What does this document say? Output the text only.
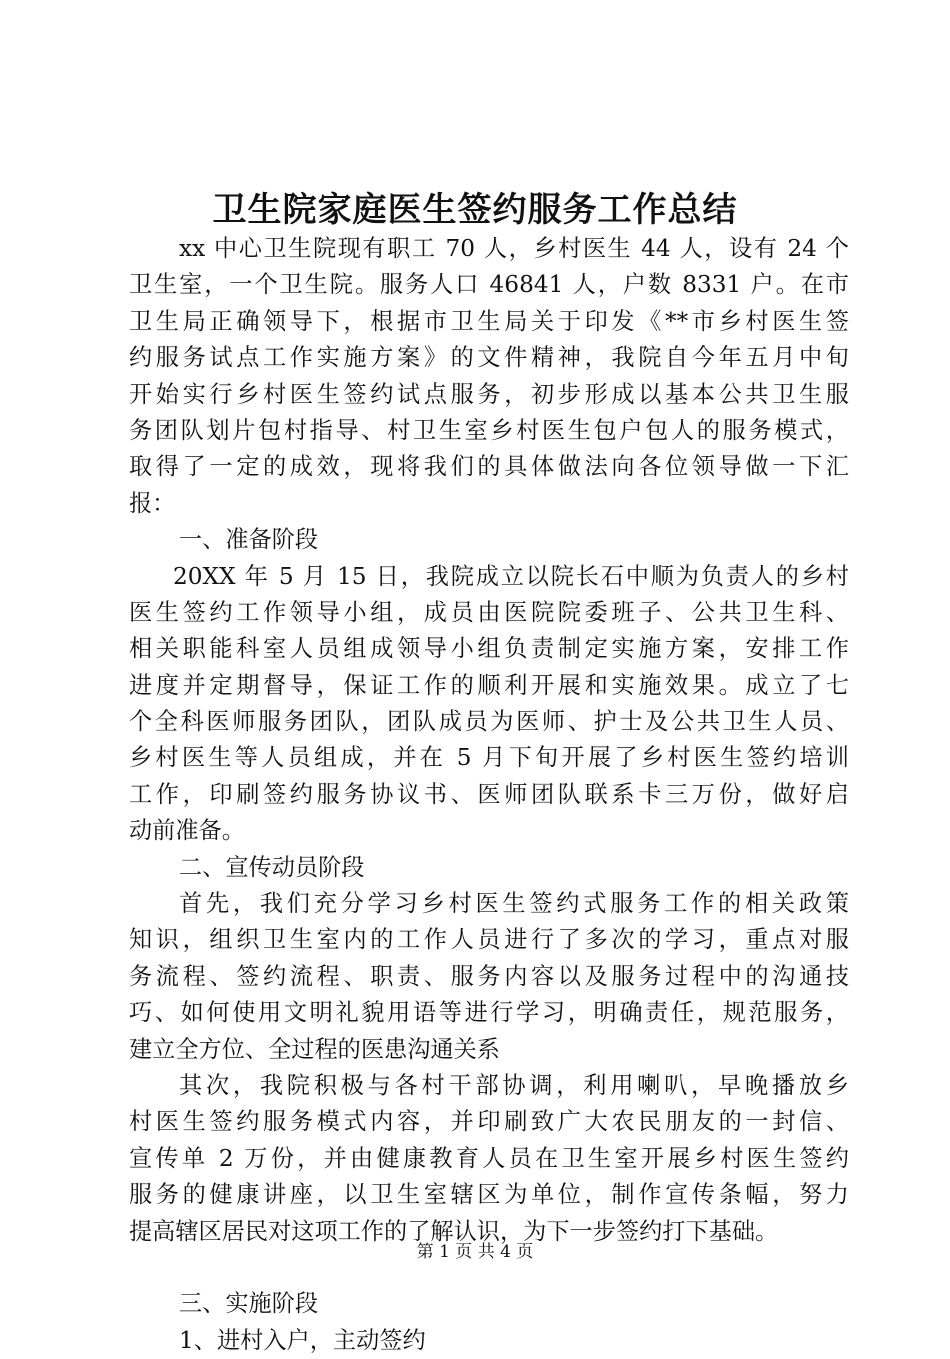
卫生院家庭医生签约服务工作总结
xx 中心卫生院现有职工 70 人，乡村医生 44 人，设有 24 个
卫生室，一个卫生院。服务人口 46841 人，户数 8331 户。在市
卫生局正确领导下，根据市卫生局关于印发《**市乡村医生签
约服务试点工作实施方案》的文件精神，我院自今年五月中旬
开始实行乡村医生签约试点服务，初步形成以基本公共卫生服
务团队划片包村指导、村卫生室乡村医生包户包人的服务模式，
取得了一定的成效，现将我们的具体做法向各位领导做一下汇
报：
一、准备阶段
20XX 年 5 月 15 日，我院成立以院长石中顺为负责人的乡村
医生签约工作领导小组，成员由医院院委班子、公共卫生科、
相关职能科室人员组成领导小组负责制定实施方案，安排工作
进度并定期督导，保证工作的顺利开展和实施效果。成立了七
个全科医师服务团队，团队成员为医师、护士及公共卫生人员、
乡村医生等人员组成，并在 5 月下旬开展了乡村医生签约培训
工作，印刷签约服务协议书、医师团队联系卡三万份，做好启
动前准备。
二、宣传动员阶段
首先，我们充分学习乡村医生签约式服务工作的相关政策
知识，组织卫生室内的工作人员进行了多次的学习，重点对服
务流程、签约流程、职责、服务内容以及服务过程中的沟通技
巧、如何使用文明礼貌用语等进行学习，明确责任，规范服务，
建立全方位、全过程的医患沟通关系
其次，我院积极与各村干部协调，利用喇叭，早晚播放乡
村医生签约服务模式内容，并印刷致广大农民朋友的一封信、
宣传单 2 万份，并由健康教育人员在卫生室开展乡村医生签约
服务的健康讲座，以卫生室辖区为单位，制作宣传条幅，努力
提高辖区居民对这项工作的了解认识，为下一步签约打下基础。
三、实施阶段
1、进村入户，主动签约
第 1 页 共 4 页
